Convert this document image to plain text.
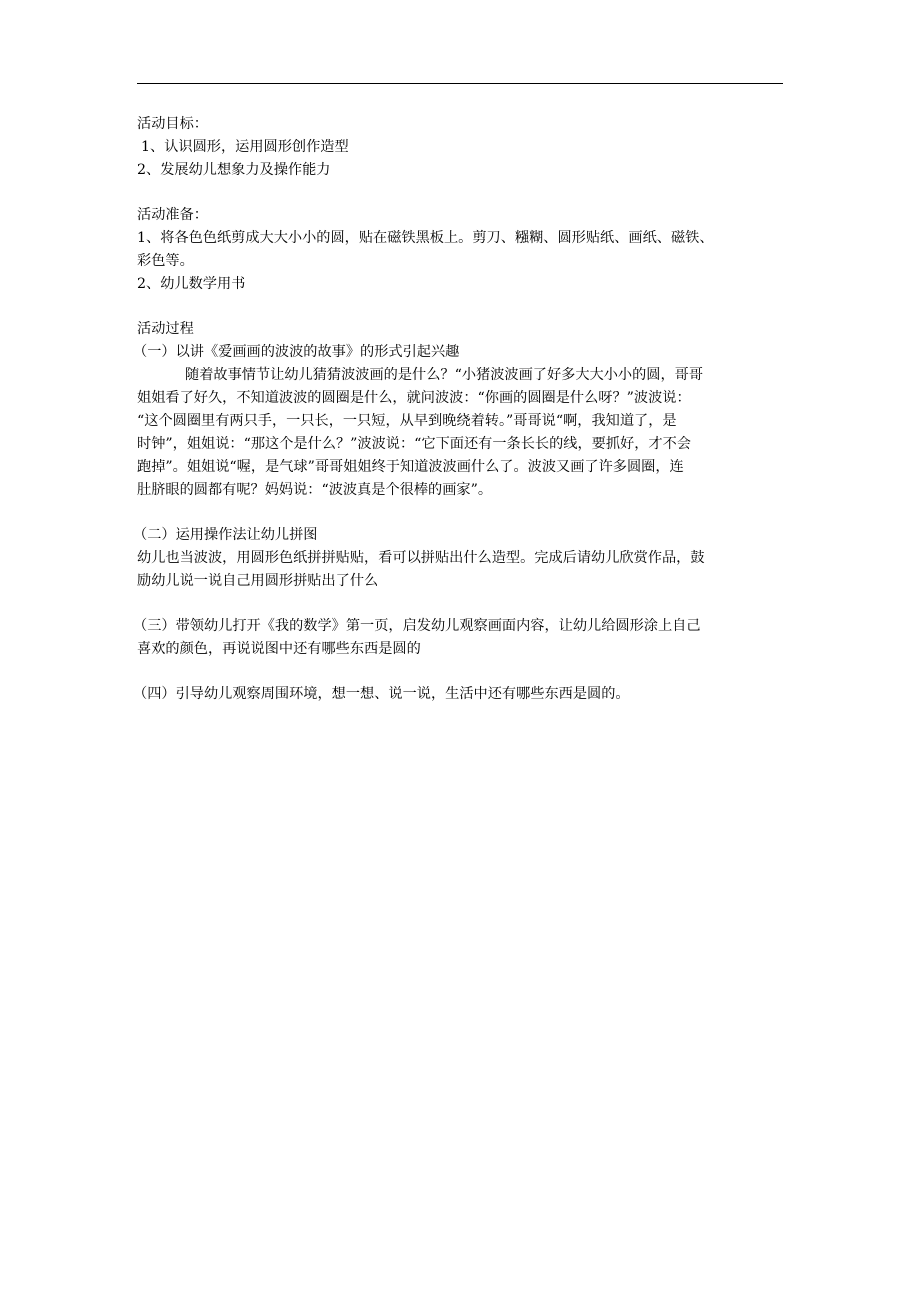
活动目标：
1、认识圆形，运用圆形创作造型
2、发展幼儿想象力及操作能力
活动准备：
1、将各色色纸剪成大大小小的圆，贴在磁铁黑板上。剪刀、糨糊、圆形贴纸、画纸、磁铁、
彩色等。
2、幼儿数学用书
活动过程
（一）以讲《爱画画的波波的故事》的形式引起兴趣
随着故事情节让幼儿猜猜波波画的是什么？“小猪波波画了好多大大小小的圆，哥哥
姐姐看了好久，不知道波波的圆圈是什么，就问波波：“你画的圆圈是什么呀？”波波说：
“这个圆圈里有两只手，一只长，一只短，从早到晚绕着转。”哥哥说“啊，我知道了，是
时钟”，姐姐说：“那这个是什么？”波波说：“它下面还有一条长长的线，要抓好，才不会
跑掉”。姐姐说“喔，是气球”哥哥姐姐终于知道波波画什么了。波波又画了许多圆圈，连
肚脐眼的圆都有呢？妈妈说：“波波真是个很棒的画家”。
（二）运用操作法让幼儿拼图
幼儿也当波波，用圆形色纸拼拼贴贴，看可以拼贴出什么造型。完成后请幼儿欣赏作品，鼓
励幼儿说一说自己用圆形拼贴出了什么
（三）带领幼儿打开《我的数学》第一页，启发幼儿观察画面内容，让幼儿给圆形涂上自己
喜欢的颜色，再说说图中还有哪些东西是圆的
（四）引导幼儿观察周围环境，想一想、说一说，生活中还有哪些东西是圆的。
